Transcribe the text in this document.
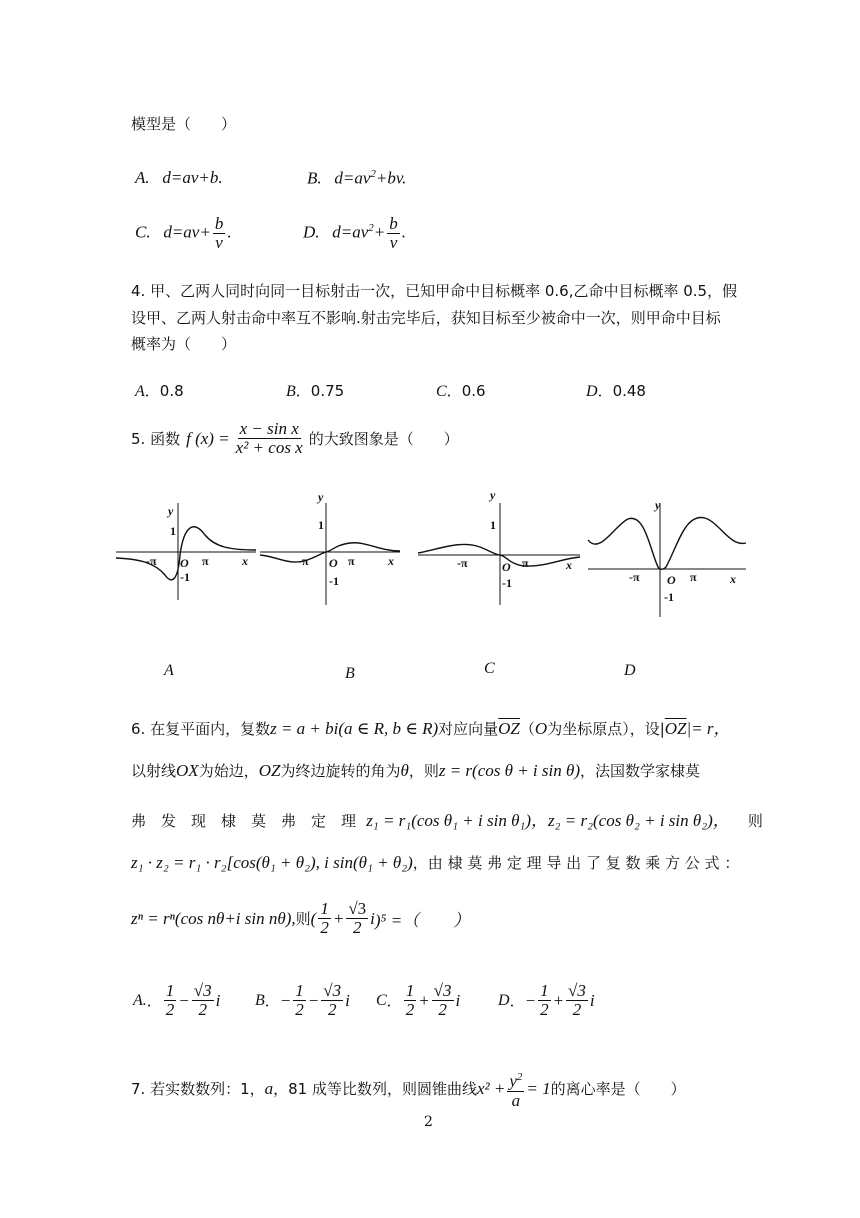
模型是（　　）
A.   d=av+b.	B.   $d=av^2+bv$.
C.   $d=av+ \frac{b}{v}$ .	D.   $d=av^2+ \frac{b}{v}$ .
4. 甲、乙两人同时向同一目标射击一次，已知甲命中目标概率 0.6,乙命中目标概率 0.5，假
设甲、乙两人射击命中率互不影响.射击完毕后，获知目标至少被命中一次，则甲命中目标
概率为（　　）
A．0.8	B．0.75	C．0.6	D．0.48
5. 函数 f $(x) = \frac{\text{x − sin x}}{\text{x² + cos x}}$ 的大致图象是（　　）
y
1
-π O π
-1
x
y
1
-π O π
-1
x
y
1
-π	O π
-1
x
y
-π O π
-1
x
A	B	C	D
6. 在复平面内，复数z = a + bi(a ∈ R, b ∈ R)对应向量$\overline{OZ}(O$为坐标原点），设$|\overline{OZ}|= r$，
以射线OX为始边，OZ为终边旋转的角为θ，则z = r(cos θ + i sin θ)，法国数学家棣莫
弗　发　现　棣　莫　弗　定　理 z₁ = r₁(cos θ₁ + i sin θ₁)，z₂ = r₂(cos θ₂ + i sin θ₂)， 则
z₁ · z₂ = r₁ · r₂[cos(θ₁ + θ₂), i sin(θ₁ + θ₂)，由 棣 莫 弗 定 理 导 出 了 复 数 乘 方 公 式 ：
zⁿ = rⁿ(cos nθ+i sin nθ), 则 ( $\frac{1}{2} + \frac{√3}{2}$ i )⁵ =（　　）
A. ． $\frac{1}{2} - \frac{√3}{2}$ i B ． − $\frac{1}{2} - \frac{√3}{2}$ i C ． $\frac{1}{2} + \frac{√3}{2}$ i D ． − $\frac{1}{2} + \frac{√3}{2}$ i
7. 若实数数列：1， a ，81 成等比数列，则圆锥曲线 $x^2 + \frac{y^2}{a} = 1$ 的离心率是（　　）
2
